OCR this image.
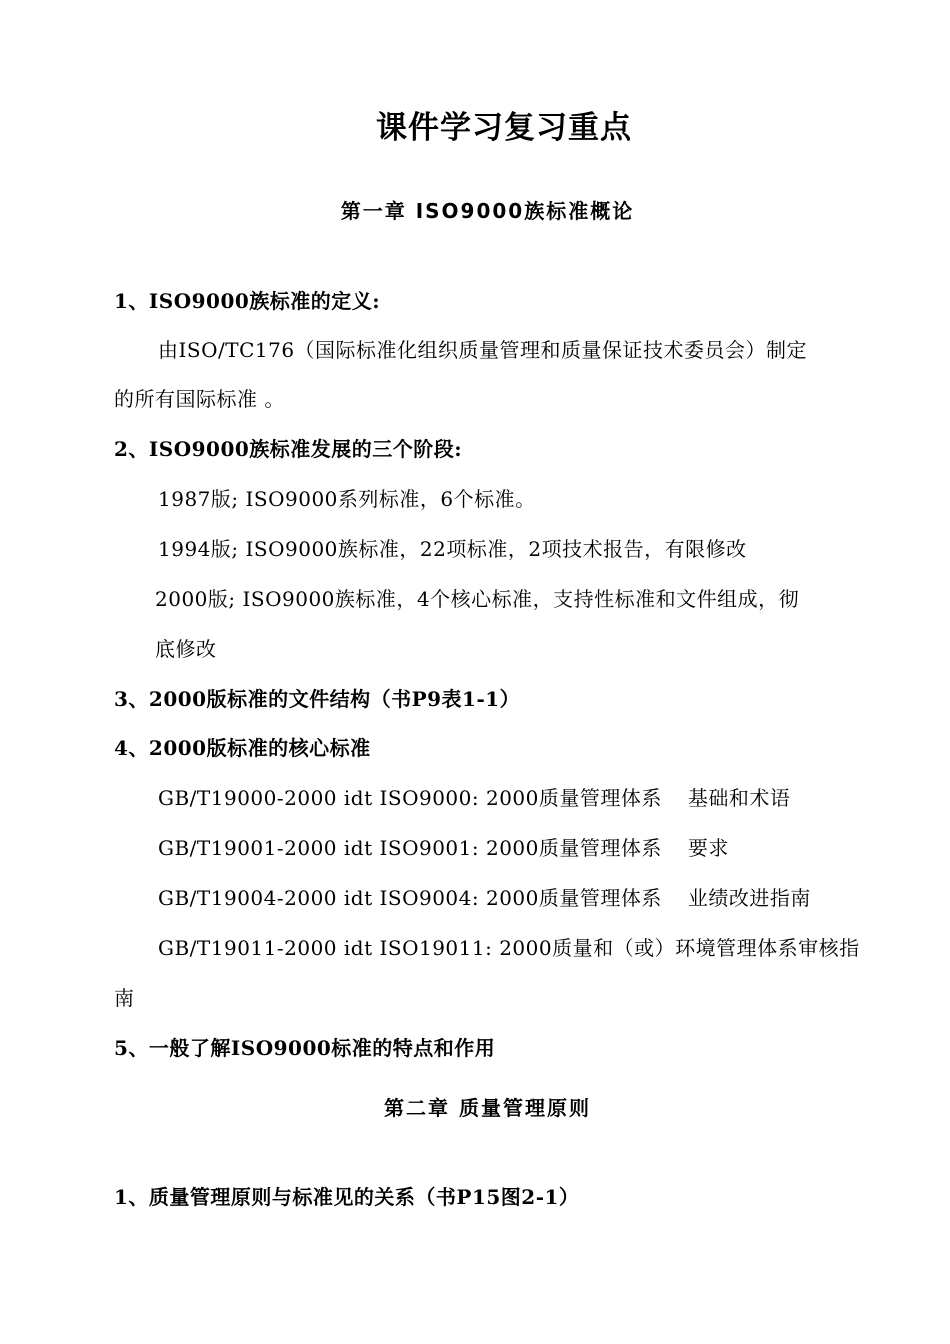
课件学习复习重点
第一章 ISO9000族标准概论
1、ISO9000族标准的定义:
由ISO/TC176（国际标准化组织质量管理和质量保证技术委员会）制定
的所有国际标准 。
2、ISO9000族标准发展的三个阶段:
1987版; ISO9000系列标准，6个标准。
1994版; ISO9000族标准，22项标准，2项技术报告，有限修改
2000版; ISO9000族标准，4个核心标准，支持性标准和文件组成，彻
底修改
3、2000版标准的文件结构（书P9表1-1）
4、2000版标准的核心标准
GB/T19000-2000 idt ISO9000: 2000质量管理体系 基础和术语
GB/T19001-2000 idt ISO9001: 2000质量管理体系 要求
GB/T19004-2000 idt ISO9004: 2000质量管理体系 业绩改进指南
GB/T19011-2000 idt ISO19011: 2000质量和（或）环境管理体系审核指
南
5、一般了解ISO9000标准的特点和作用
第二章 质量管理原则
1、质量管理原则与标准见的关系（书P15图2-1）
